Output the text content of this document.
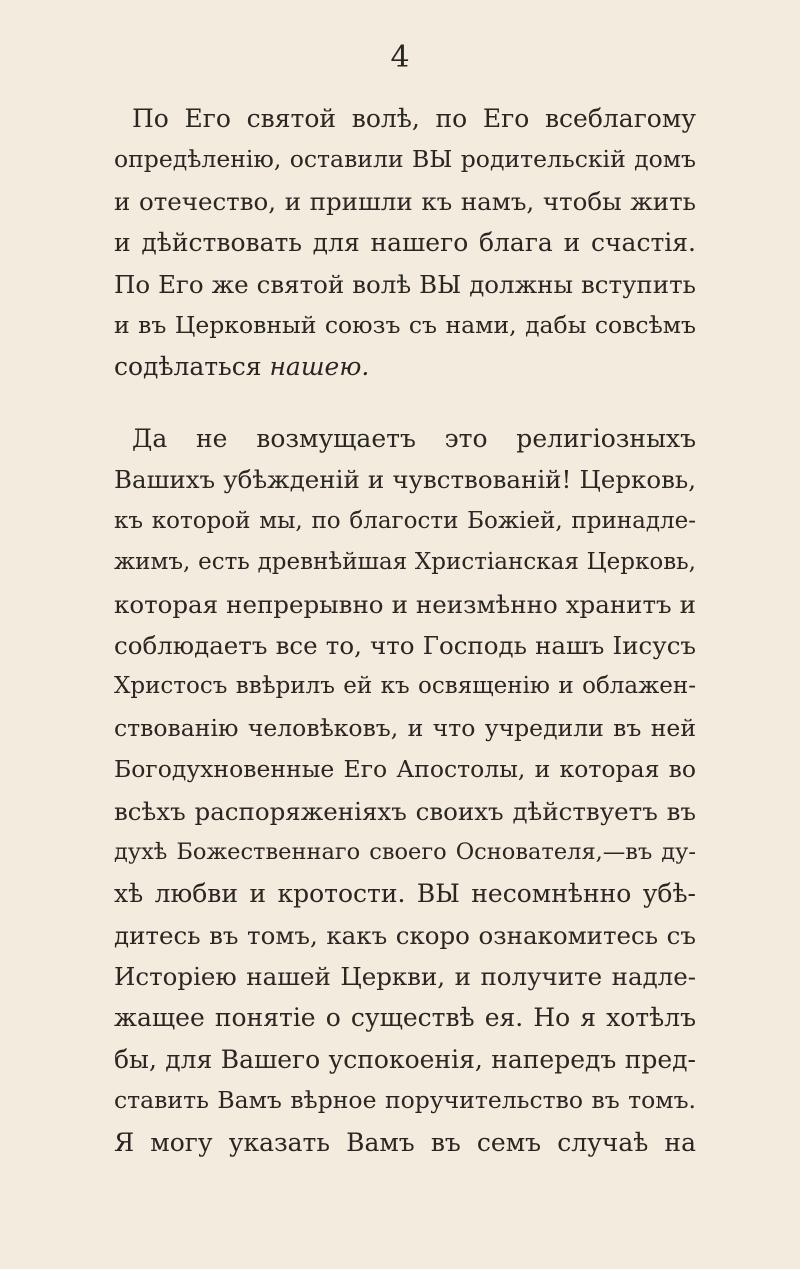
4
По Его святой волѣ, по Его всеблагому
опредѣленію, оставили ВЫ родительскій домъ
и отечество, и пришли къ намъ, чтобы жить
и дѣйствовать для нашего блага и счастія.
По Его же святой волѣ ВЫ должны вступить
и въ Церковный союзъ съ нами, дабы совсѣмъ
содѣлаться нашею.
Да не возмущаетъ это религіозныхъ
Вашихъ убѣжденій и чувствованій! Церковь,
къ которой мы, по благости Божіей, принадле-
жимъ, есть древнѣйшая Христіанская Церковь,
которая непрерывно и неизмѣнно хранитъ и
соблюдаетъ все то, что Господь нашъ Іисусъ
Христосъ ввѣрилъ ей къ освященію и облажен-
ствованію человѣковъ, и что учредили въ ней
Богодухновенные Его Апостолы, и которая во
всѣхъ распоряженіяхъ своихъ дѣйствуетъ въ
духѣ Божественнаго своего Основателя,—въ ду-
хѣ любви и кротости. ВЫ несомнѣнно убѣ-
дитесь въ томъ, какъ скоро ознакомитесь съ
Исторіею нашей Церкви, и получите надле-
жащее понятіе о существѣ ея. Но я хотѣлъ
бы, для Вашего успокоенія, напередъ пред-
ставить Вамъ вѣрное поручительство въ томъ.
Я могу указать Вамъ въ семъ случаѣ на
